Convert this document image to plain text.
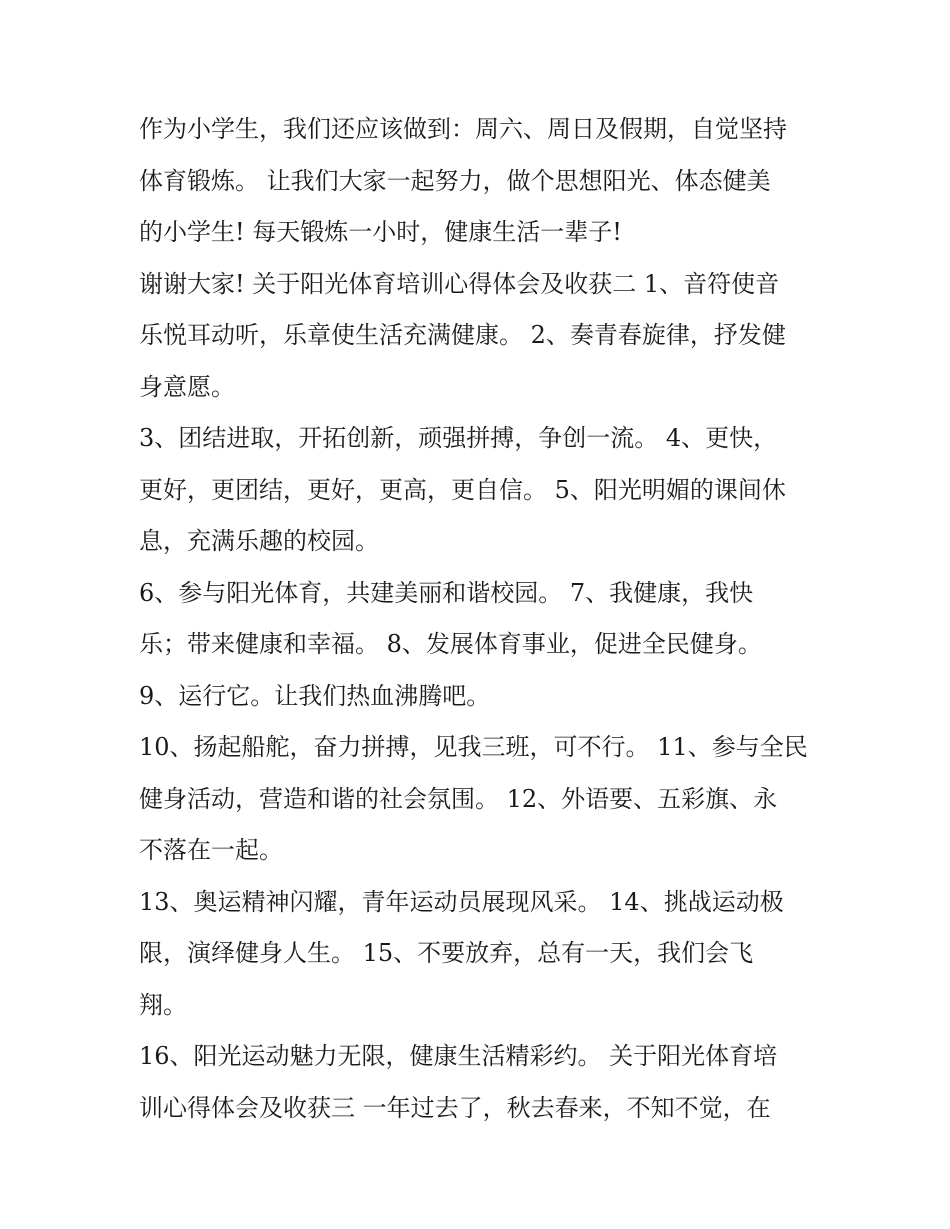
作为小学生，我们还应该做到：周六、周日及假期，自觉坚持
体育锻炼。 让我们大家一起努力，做个思想阳光、体态健美
的小学生! 每天锻炼一小时，健康生活一辈子!
谢谢大家! 关于阳光体育培训心得体会及收获二 1、音符使音
乐悦耳动听，乐章使生活充满健康。 2、奏青春旋律，抒发健
身意愿。
3、团结进取，开拓创新，顽强拼搏，争创一流。 4、更快，
更好，更团结，更好，更高，更自信。 5、阳光明媚的课间休
息，充满乐趣的校园。
6、参与阳光体育，共建美丽和谐校园。 7、我健康，我快
乐；带来健康和幸福。 8、发展体育事业，促进全民健身。
9、运行它。让我们热血沸腾吧。
10、扬起船舵，奋力拼搏，见我三班，可不行。 11、参与全民
健身活动，营造和谐的社会氛围。 12、外语要、五彩旗、永
不落在一起。
13、奥运精神闪耀，青年运动员展现风采。 14、挑战运动极
限，演绎健身人生。 15、不要放弃，总有一天，我们会飞
翔。
16、阳光运动魅力无限，健康生活精彩约。 关于阳光体育培
训心得体会及收获三 一年过去了，秋去春来，不知不觉，在
